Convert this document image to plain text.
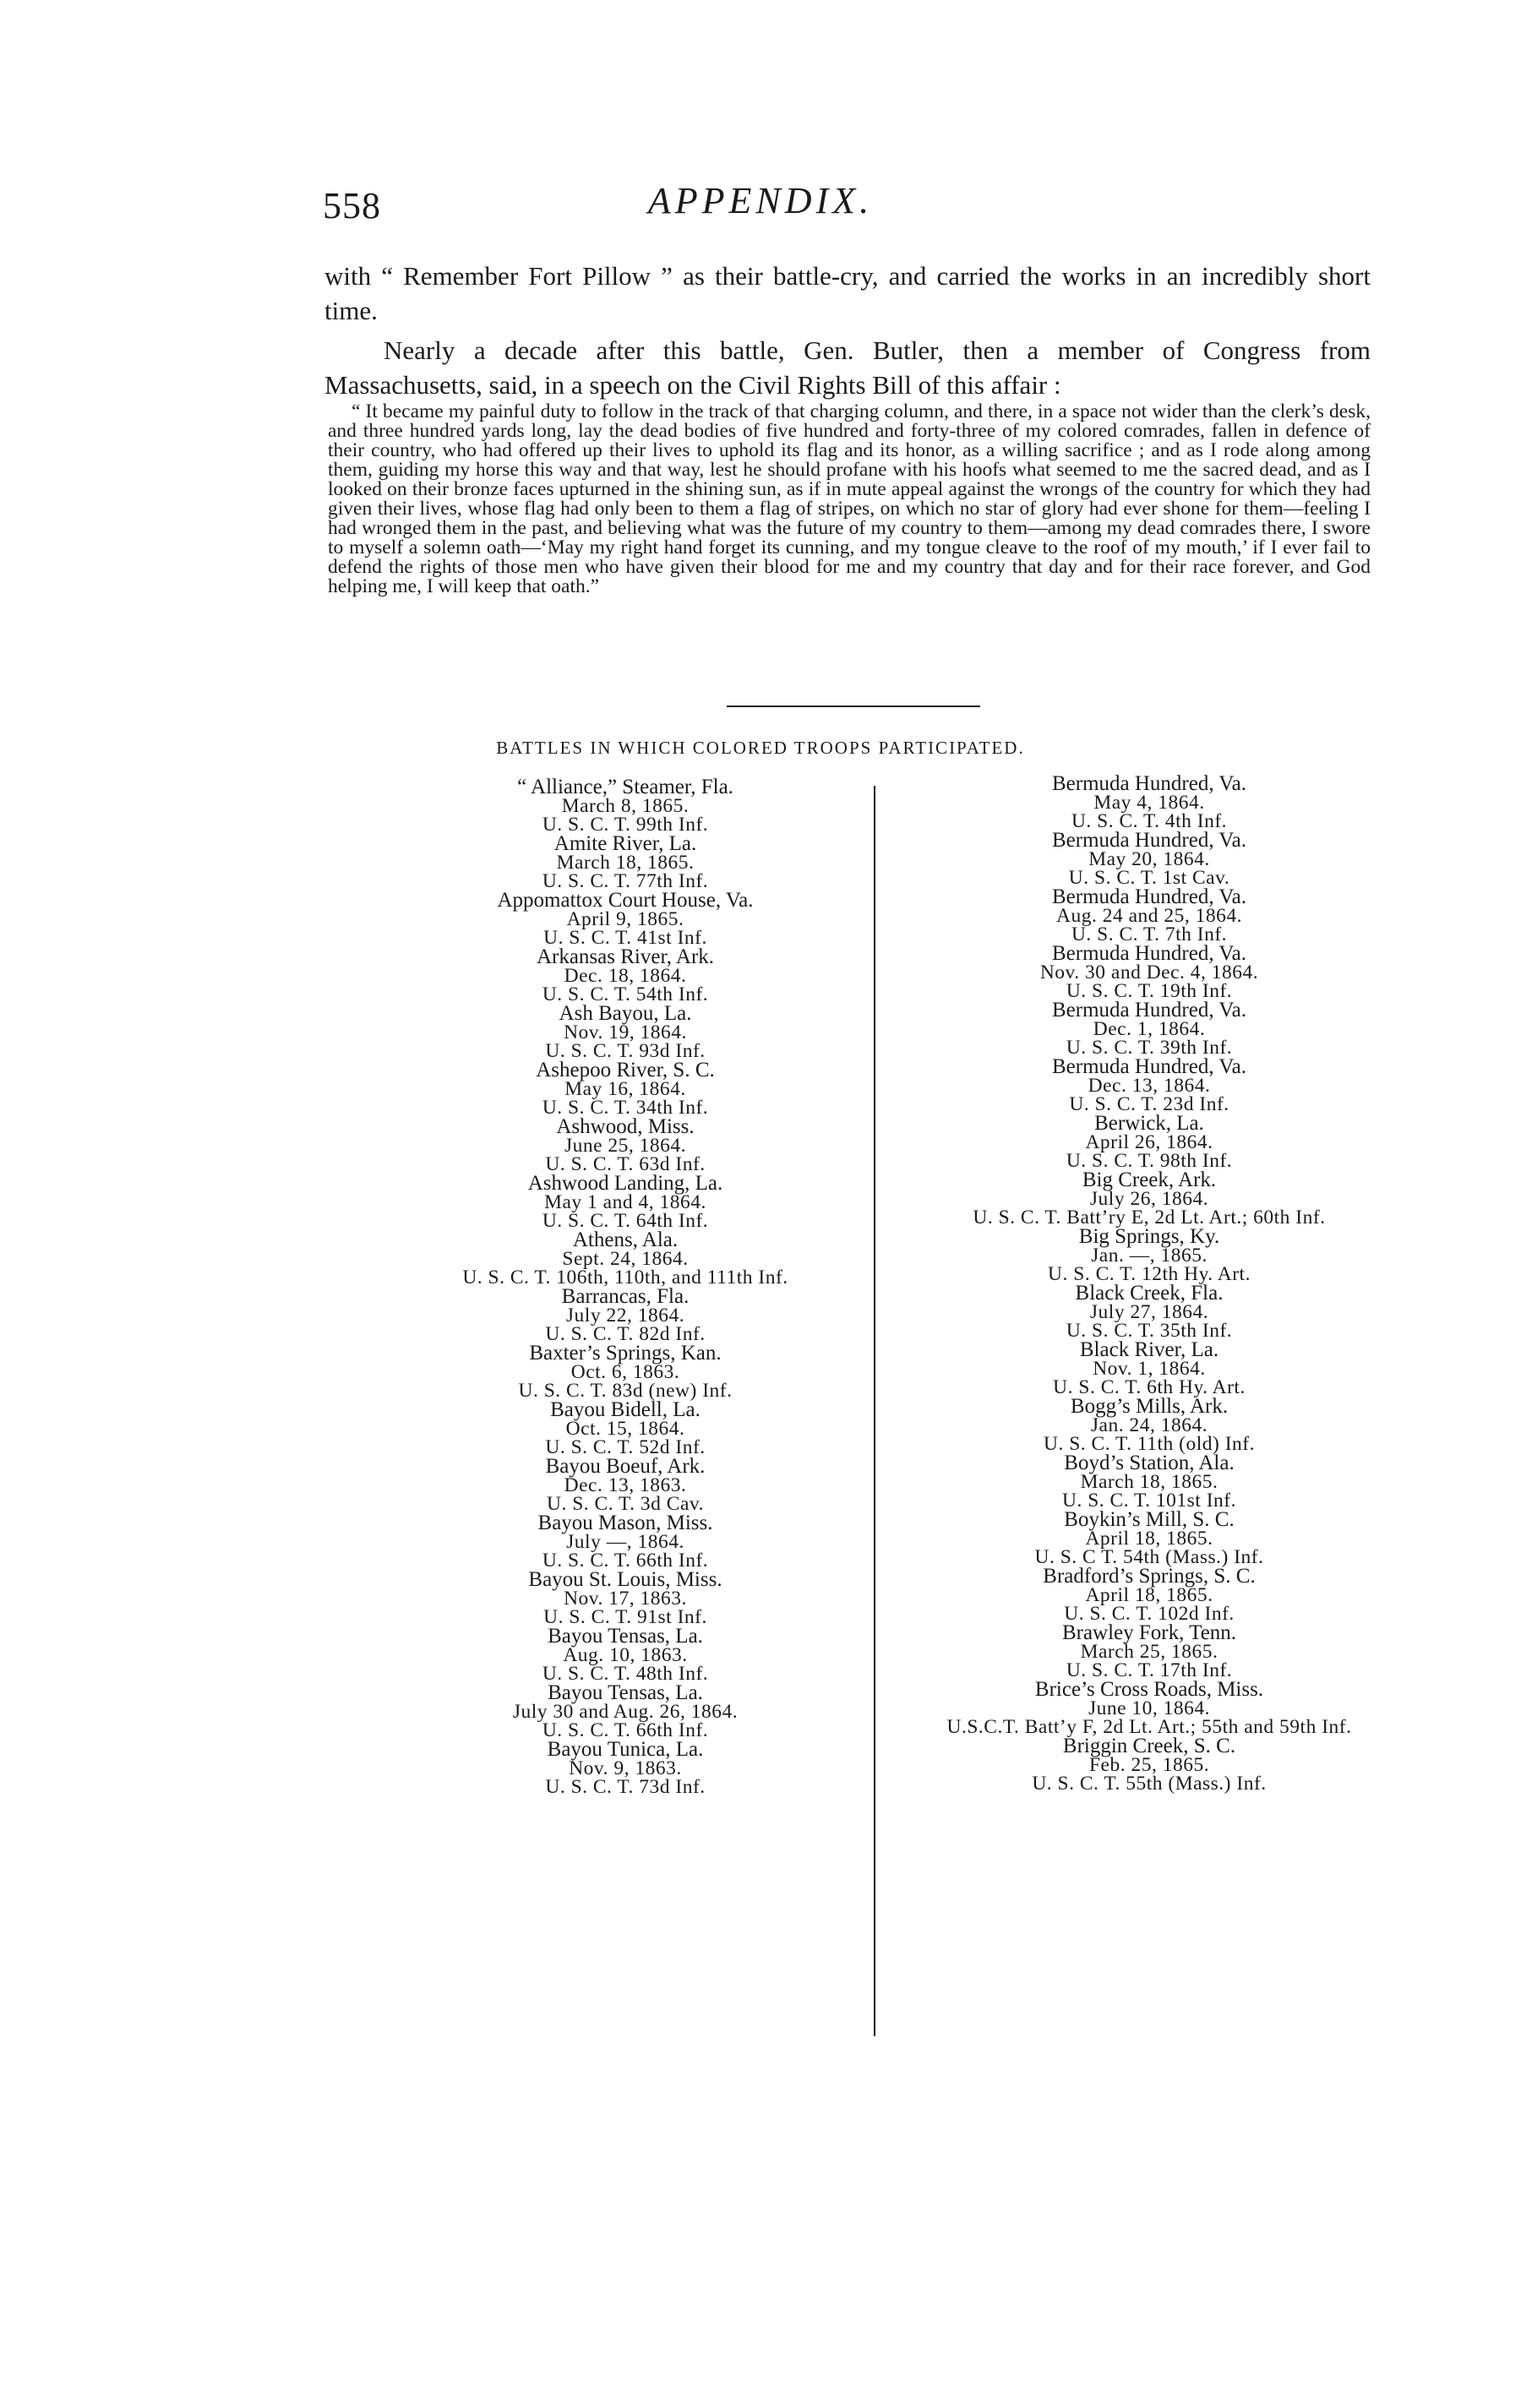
558	APPENDIX.

with “ Remember Fort Pillow ” as their battle-cry, and carried the works in an incredibly short time.

Nearly a decade after this battle, Gen. Butler, then a member of Congress from Massachusetts, said, in a speech on the Civil Rights Bill of this affair :

“ It became my painful duty to follow in the track of that charging column, and there, in a space not wider than the clerk’s desk, and three hundred yards long, lay the dead bodies of five hundred and forty-three of my colored comrades, fallen in defence of their country, who had offered up their lives to uphold its flag and its honor, as a willing sacrifice ; and as I rode along among them, guiding my horse this way and that way, lest he should profane with his hoofs what seemed to me the sacred dead, and as I looked on their bronze faces upturned in the shining sun, as if in mute appeal against the wrongs of the country for which they had given their lives, whose flag had only been to them a flag of stripes, on which no star of glory had ever shone for them—feeling I had wronged them in the past, and believing what was the future of my country to them—among my dead comrades there, I swore to myself a solemn oath—‘May my right hand forget its cunning, and my tongue cleave to the roof of my mouth,’ if I ever fail to defend the rights of those men who have given their blood for me and my country that day and for their race forever, and God helping me, I will keep that oath.”

BATTLES IN WHICH COLORED TROOPS PARTICIPATED.
“ Alliance,” Steamer, Fla.
March 8, 1865.
U. S. C. T. 99th Inf.
Amite River, La.
March 18, 1865.
U. S. C. T. 77th Inf.
Appomattox Court House, Va.
April 9, 1865.
U. S. C. T. 41st Inf.
Arkansas River, Ark.
Dec. 18, 1864.
U. S. C. T. 54th Inf.
Ash Bayou, La.
Nov. 19, 1864.
U. S. C. T. 93d Inf.
Ashepoo River, S. C.
May 16, 1864.
U. S. C. T. 34th Inf.
Ashwood, Miss.
June 25, 1864.
U. S. C. T. 63d Inf.
Ashwood Landing, La.
May 1 and 4, 1864.
U. S. C. T. 64th Inf.
Athens, Ala.
Sept. 24, 1864.
U. S. C. T. 106th, 110th, and 111th Inf.
Barrancas, Fla.
July 22, 1864.
U. S. C. T. 82d Inf.
Baxter’s Springs, Kan.
Oct. 6, 1863.
U. S. C. T. 83d (new) Inf.
Bayou Bidell, La.
Oct. 15, 1864.
U. S. C. T. 52d Inf.
Bayou Boeuf, Ark.
Dec. 13, 1863.
U. S. C. T. 3d Cav.
Bayou Mason, Miss.
July —, 1864.
U. S. C. T. 66th Inf.
Bayou St. Louis, Miss.
Nov. 17, 1863.
U. S. C. T. 91st Inf.
Bayou Tensas, La.
Aug. 10, 1863.
U. S. C. T. 48th Inf.
Bayou Tensas, La.
July 30 and Aug. 26, 1864.
U. S. C. T. 66th Inf.
Bayou Tunica, La.
Nov. 9, 1863.
U. S. C. T. 73d Inf.
Bermuda Hundred, Va.
May 4, 1864.
U. S. C. T. 4th Inf.
Bermuda Hundred, Va.
May 20, 1864.
U. S. C. T. 1st Cav.
Bermuda Hundred, Va.
Aug. 24 and 25, 1864.
U. S. C. T. 7th Inf.
Bermuda Hundred, Va.
Nov. 30 and Dec. 4, 1864.
U. S. C. T. 19th Inf.
Bermuda Hundred, Va.
Dec. 1, 1864.
U. S. C. T. 39th Inf.
Bermuda Hundred, Va.
Dec. 13, 1864.
U. S. C. T. 23d Inf.
Berwick, La.
April 26, 1864.
U. S. C. T. 98th Inf.
Big Creek, Ark.
July 26, 1864.
U. S. C. T. Batt’ry E, 2d Lt. Art.; 60th Inf.
Big Springs, Ky.
Jan. —, 1865.
U. S. C. T. 12th Hy. Art.
Black Creek, Fla.
July 27, 1864.
U. S. C. T. 35th Inf.
Black River, La.
Nov. 1, 1864.
U. S. C. T. 6th Hy. Art.
Bogg’s Mills, Ark.
Jan. 24, 1864.
U. S. C. T. 11th (old) Inf.
Boyd’s Station, Ala.
March 18, 1865.
U. S. C. T. 101st Inf.
Boykin’s Mill, S. C.
April 18, 1865.
U. S. C T. 54th (Mass.) Inf.
Bradford’s Springs, S. C.
April 18, 1865.
U. S. C. T. 102d Inf.
Brawley Fork, Tenn.
March 25, 1865.
U. S. C. T. 17th Inf.
Brice’s Cross Roads, Miss.
June 10, 1864.
U.S.C.T. Batt’y F, 2d Lt. Art.; 55th and 59th Inf.
Briggin Creek, S. C.
Feb. 25, 1865.
U. S. C. T. 55th (Mass.) Inf.
